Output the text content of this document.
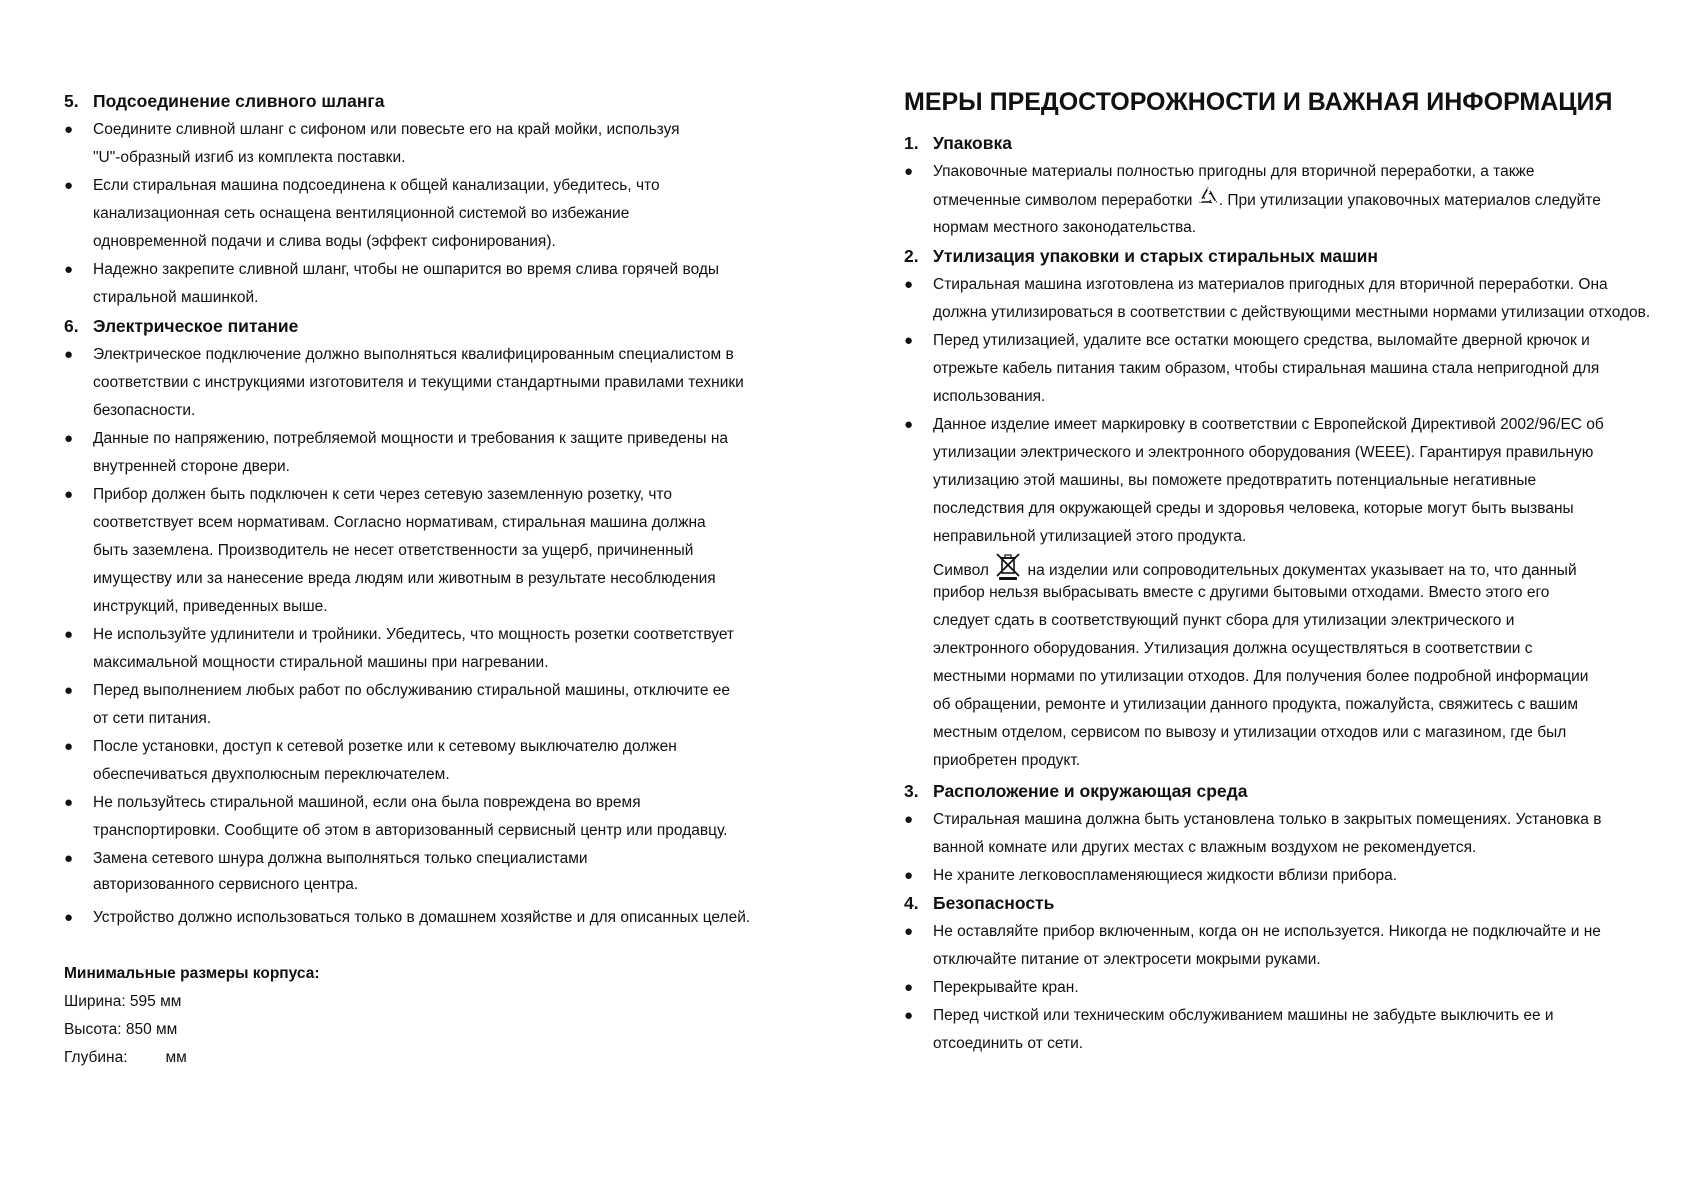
5. Подсоединение сливного шланга
● Соедините сливной шланг с сифоном или повесьте его на край мойки, используя
"U"-образный изгиб из комплекта поставки.
● Если стиральная машина подсоединена к общей канализации, убедитесь, что
канализационная сеть оснащена вентиляционной системой во избежание
одновременной подачи и слива воды (эффект сифонирования).
● Надежно закрепите сливной шланг, чтобы не ошпарится во время слива горячей воды
стиральной машинкой.
6. Электрическое питание
● Электрическое подключение должно выполняться квалифицированным специалистом в
соответствии с инструкциями изготовителя и текущими стандартными правилами техники
безопасности.
● Данные по напряжению, потребляемой мощности и требования к защите приведены на
внутренней стороне двери.
● Прибор должен быть подключен к сети через сетевую заземленную розетку, что
соответствует всем нормативам. Согласно нормативам, стиральная машина должна
быть заземлена. Производитель не несет ответственности за ущерб, причиненный
имуществу или за нанесение вреда людям или животным в результате несоблюдения
инструкций, приведенных выше.
● Не используйте удлинители и тройники. Убедитесь, что мощность розетки соответствует
максимальной мощности стиральной машины при нагревании.
● Перед выполнением любых работ по обслуживанию стиральной машины, отключите ее
от сети питания.
● После установки, доступ к сетевой розетке или к сетевому выключателю должен
обеспечиваться двухполюсным переключателем.
● Не пользуйтесь стиральной машиной, если она была повреждена во время
транспортировки. Сообщите об этом в авторизованный сервисный центр или продавцу.
● Замена сетевого шнура должна выполняться только специалистами
авторизованного сервисного центра.
● Устройство должно использоваться только в домашнем хозяйстве и для описанных целей.
Минимальные размеры корпуса:
Ширина: 595 мм
Высота: 850 мм
Глубина: мм
МЕРЫ ПРЕДОСТОРОЖНОСТИ И ВАЖНАЯ ИНФОРМАЦИЯ
1. Упаковка
● Упаковочные материалы полностью пригодны для вторичной переработки, а также
отмеченные символом переработки . При утилизации упаковочных материалов следуйте
нормам местного законодательства.
2. Утилизация упаковки и старых стиральных машин
● Стиральная машина изготовлена из материалов пригодных для вторичной переработки. Она
должна утилизироваться в соответствии с действующими местными нормами утилизации отходов.
● Перед утилизацией, удалите все остатки моющего средства, выломайте дверной крючок и
отрежьте кабель питания таким образом, чтобы стиральная машина стала непригодной для
использования.
● Данное изделие имеет маркировку в соответствии с Европейской Директивой 2002/96/EC об
утилизации электрического и электронного оборудования (WEEE). Гарантируя правильную
утилизацию этой машины, вы поможете предотвратить потенциальные негативные
последствия для окружающей среды и здоровья человека, которые могут быть вызваны
неправильной утилизацией этого продукта.
Символ на изделии или сопроводительных документах указывает на то, что данный
прибор нельзя выбрасывать вместе с другими бытовыми отходами. Вместо этого его
следует сдать в соответствующий пункт сбора для утилизации электрического и
электронного оборудования. Утилизация должна осуществляться в соответствии с
местными нормами по утилизации отходов. Для получения более подробной информации
об обращении, ремонте и утилизации данного продукта, пожалуйста, свяжитесь с вашим
местным отделом, сервисом по вывозу и утилизации отходов или с магазином, где был
приобретен продукт.
3. Расположение и окружающая среда
● Стиральная машина должна быть установлена только в закрытых помещениях. Установка в
ванной комнате или других местах с влажным воздухом не рекомендуется.
● Не храните легковоспламеняющиеся жидкости вблизи прибора.
4. Безопасность
● Не оставляйте прибор включенным, когда он не используется. Никогда не подключайте и не
отключайте питание от электросети мокрыми руками.
● Перекрывайте кран.
● Перед чисткой или техническим обслуживанием машины не забудьте выключить ее и
отсоединить от сети.
